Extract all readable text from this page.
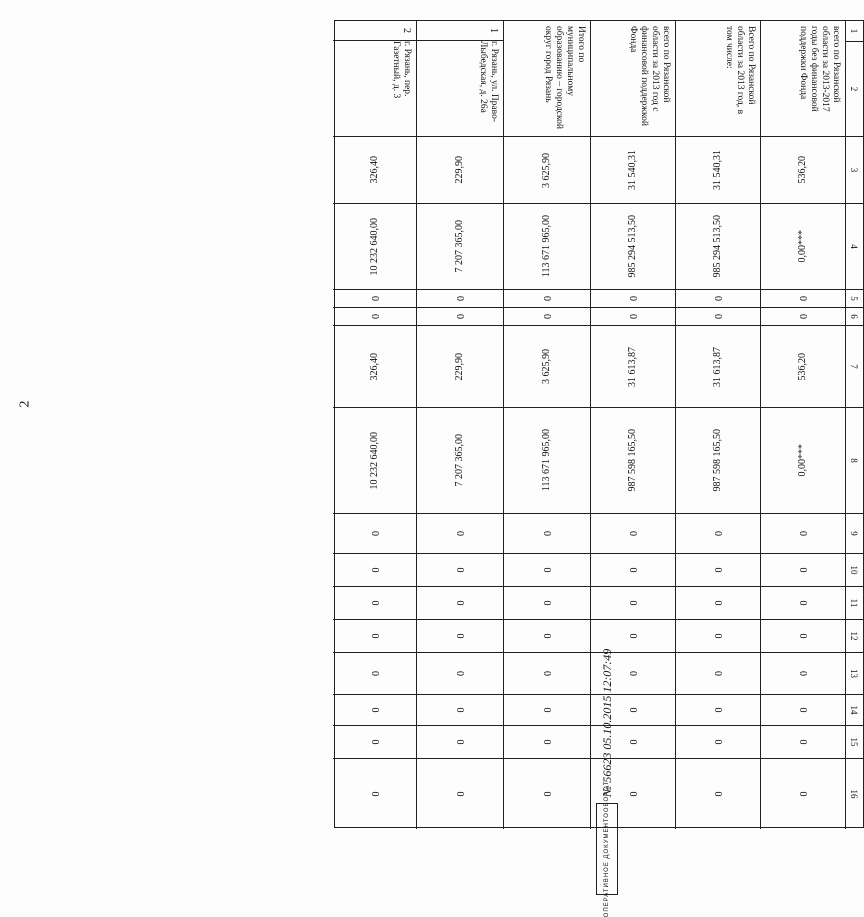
2
1
2
3
4
5
6
7
8
9
10
11
12
13
14
15
16
всего по Рязанской области за 2013-2017 годы без финансовой поддержки Фонда
536,20
0,00***
0
0
536,20
0,00***
0
0
0
0
0
0
0
0
Всего по Рязанской области за 2013 год, в том числе:
31 540,31
985 294 513,50
0
0
31 613,87
987 598 165,50
0
0
0
0
0
0
0
0
всего по Рязанской области за 2013 год с финансовой поддержкой Фонда
31 540,31
985 294 513,50
0
0
31 613,87
987 598 165,50
0
0
0
0
0
0
0
0
Итого по муниципальному образованию – городской округ город Рязань
3 625,90
113 671 965,00
0
0
3 625,90
113 671 965,00
0
0
0
0
0
0
0
0
1
г. Рязань, ул. Право-Лыбедская, д. 26а
229,90
7 207 365,00
0
0
229,90
7 207 365,00
0
0
0
0
0
0
0
0
2
г. Рязань, пер. Газетный, д. 3
326,40
10 232 640,00
0
0
326,40
10 232 640,00
0
0
0
0
0
0
0
0	ОПЕРАТИВНОЕ ДОКУМЕНТООБОРОТ
№ 56623 05.10.2015 12:07:49
